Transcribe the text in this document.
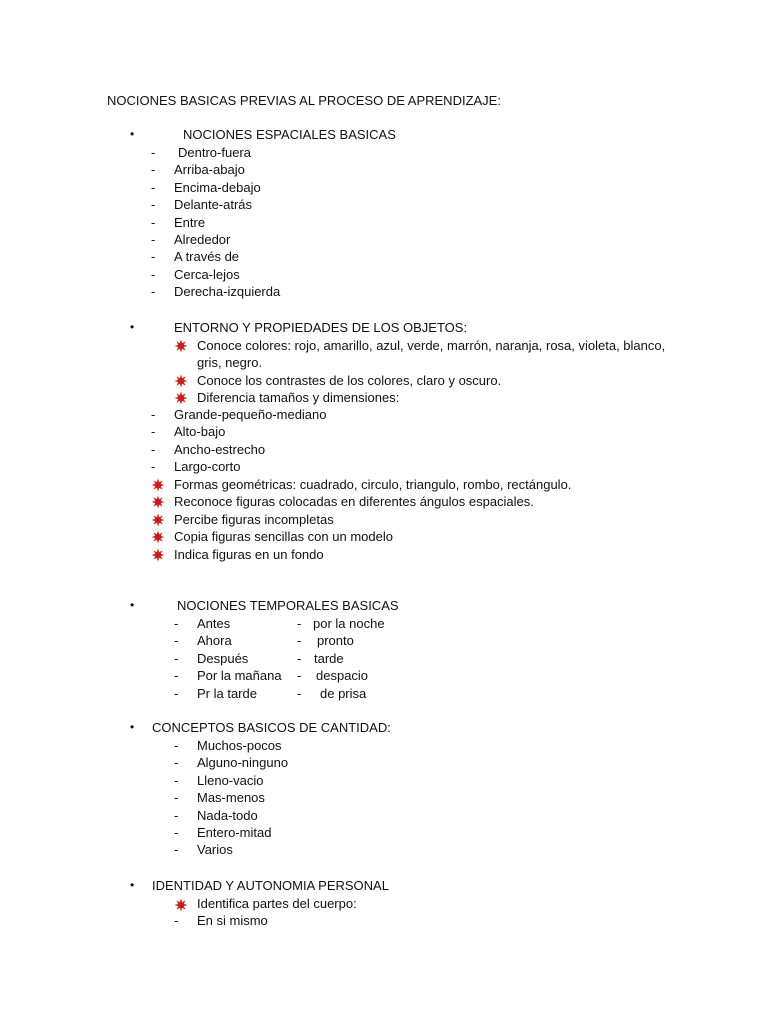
NOCIONES BASICAS PREVIAS AL PROCESO DE APRENDIZAJE:
•	NOCIONES ESPACIALES BASICAS
- Dentro-fuera
- Arriba-abajo
- Encima-debajo
- Delante-atrás
- Entre
- Alrededor
- A través de
- Cerca-lejos
- Derecha-izquierda
•	ENTORNO Y PROPIEDADES DE LOS OBJETOS:
Conoce colores: rojo, amarillo, azul, verde, marrón, naranja, rosa, violeta, blanco,
gris, negro.
Conoce los contrastes de los colores, claro y oscuro.
Diferencia tamaños y dimensiones:
- Grande-pequeño-mediano
- Alto-bajo
- Ancho-estrecho
- Largo-corto
Formas geométricas: cuadrado, circulo, triangulo, rombo, rectángulo.
Reconoce figuras colocadas en diferentes ángulos espaciales.
Percibe figuras incompletas
Copia figuras sencillas con un modelo
Indica figuras en un fondo
•	NOCIONES TEMPORALES BASICAS
- Antes	- por la noche
- Ahora	- pronto
- Después	- tarde
- Por la mañana - despacio
- Pr la tarde	- de prisa
• CONCEPTOS BASICOS DE CANTIDAD:
- Muchos-pocos
- Alguno-ninguno
- Lleno-vacio
- Mas-menos
- Nada-todo
- Entero-mitad
- Varios
• IDENTIDAD Y AUTONOMIA PERSONAL
Identifica partes del cuerpo:
- En si mismo
